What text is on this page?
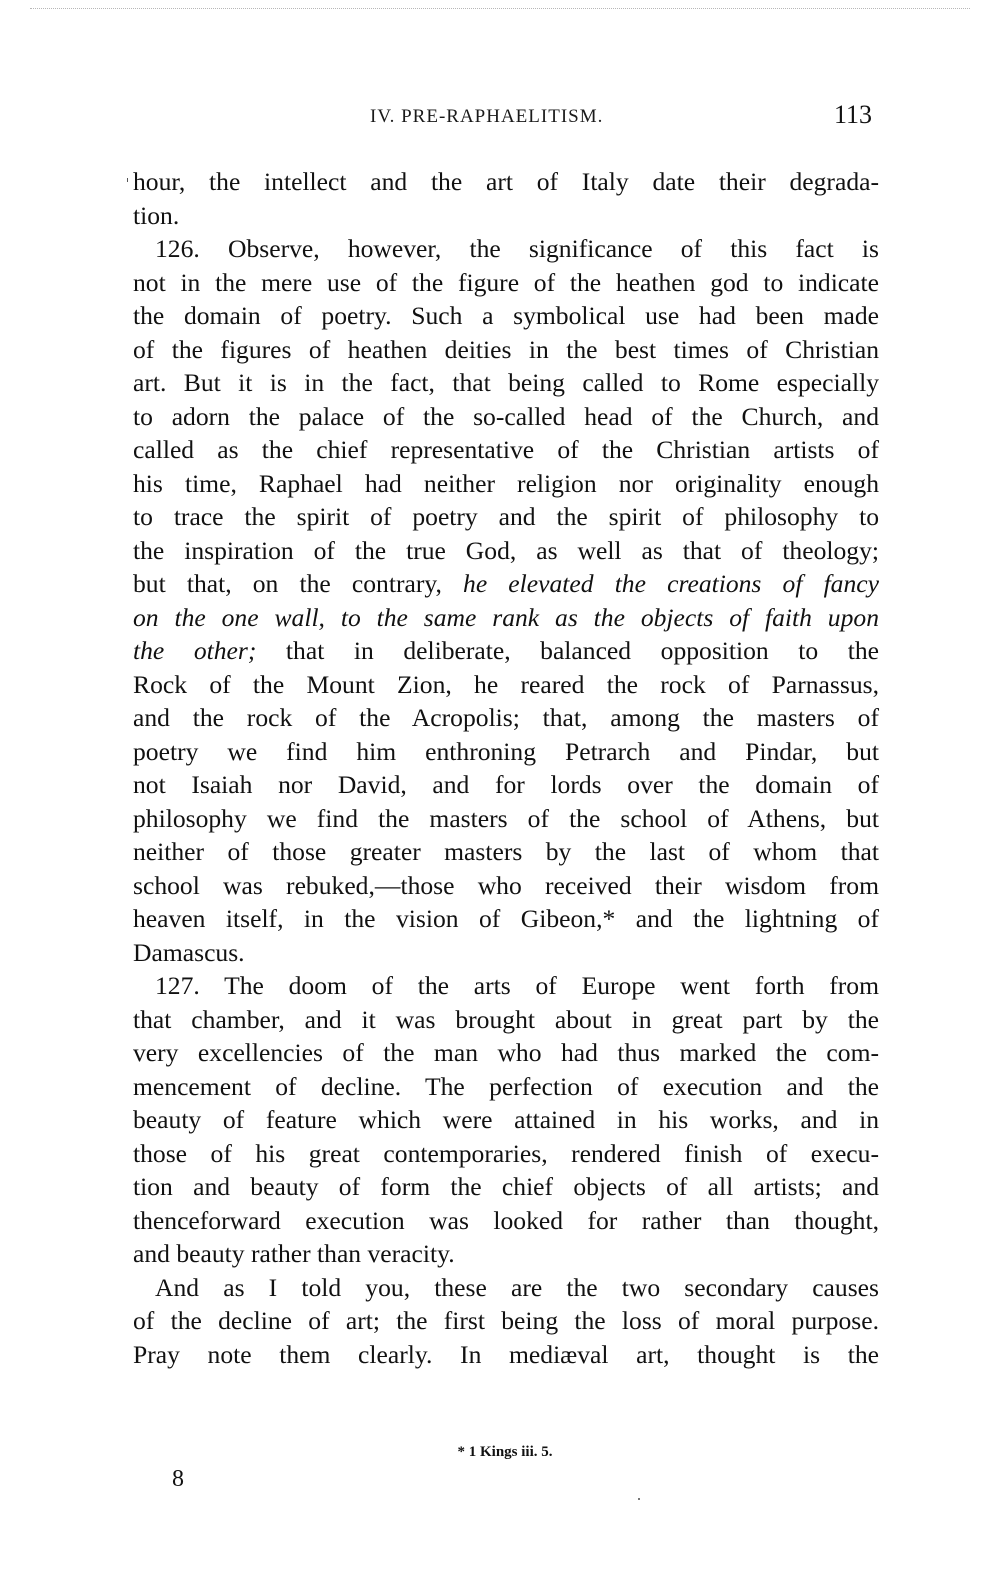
IV. PRE-RAPHAELITISM.	113
hour, the intellect and the art of Italy date their degrada-
tion.
126. Observe, however, the significance of this fact is
not in the mere use of the figure of the heathen god to indicate
the domain of poetry. Such a symbolical use had been made
of the figures of heathen deities in the best times of Christian
art. But it is in the fact, that being called to Rome especially
to adorn the palace of the so-called head of the Church, and
called as the chief representative of the Christian artists of
his time, Raphael had neither religion nor originality enough
to trace the spirit of poetry and the spirit of philosophy to
the inspiration of the true God, as well as that of theology;
but that, on the contrary, he elevated the creations of fancy
on the one wall, to the same rank as the objects of faith upon
the other; that in deliberate, balanced opposition to the
Rock of the Mount Zion, he reared the rock of Parnassus,
and the rock of the Acropolis; that, among the masters of
poetry we find him enthroning Petrarch and Pindar, but
not Isaiah nor David, and for lords over the domain of
philosophy we find the masters of the school of Athens, but
neither of those greater masters by the last of whom that
school was rebuked,—those who received their wisdom from
heaven itself, in the vision of Gibeon,* and the lightning of
Damascus.
127. The doom of the arts of Europe went forth from
that chamber, and it was brought about in great part by the
very excellencies of the man who had thus marked the com-
mencement of decline. The perfection of execution and the
beauty of feature which were attained in his works, and in
those of his great contemporaries, rendered finish of execu-
tion and beauty of form the chief objects of all artists; and
thenceforward execution was looked for rather than thought,
and beauty rather than veracity.
And as I told you, these are the two secondary causes
of the decline of art; the first being the loss of moral purpose.
Pray note them clearly. In mediæval art, thought is the
* 1 Kings iii. 5.
8
